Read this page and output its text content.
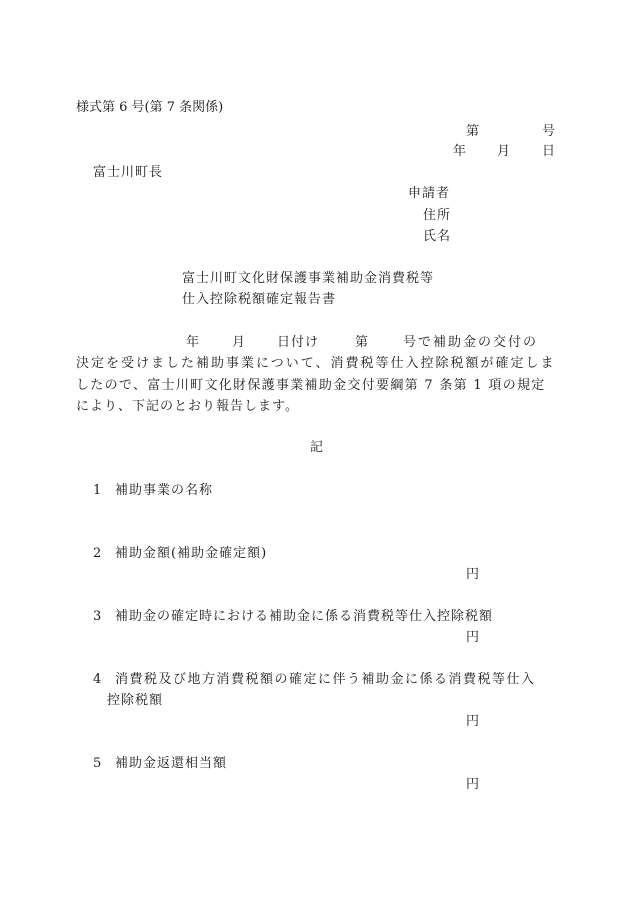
様式第 6 号(第 7 条関係)
第	号
年 月 日
富士川町長
申請者
住所
氏名
富士川町文化財保護事業補助金消費税等
仕入控除税額確定報告書
年	月 日付け	第	号で補助金の交付の
決定を受けました補助事業について、消費税等仕入控除税額が確定しま
したので、富士川町文化財保護事業補助金交付要綱第 7 条第 1 項の規定
により、下記のとおり報告します。
記
1 補助事業の名称
2 補助金額(補助金確定額)
円
3 補助金の確定時における補助金に係る消費税等仕入控除税額
円
4 消費税及び地方消費税額の確定に伴う補助金に係る消費税等仕入
控除税額
円
5 補助金返還相当額
円
